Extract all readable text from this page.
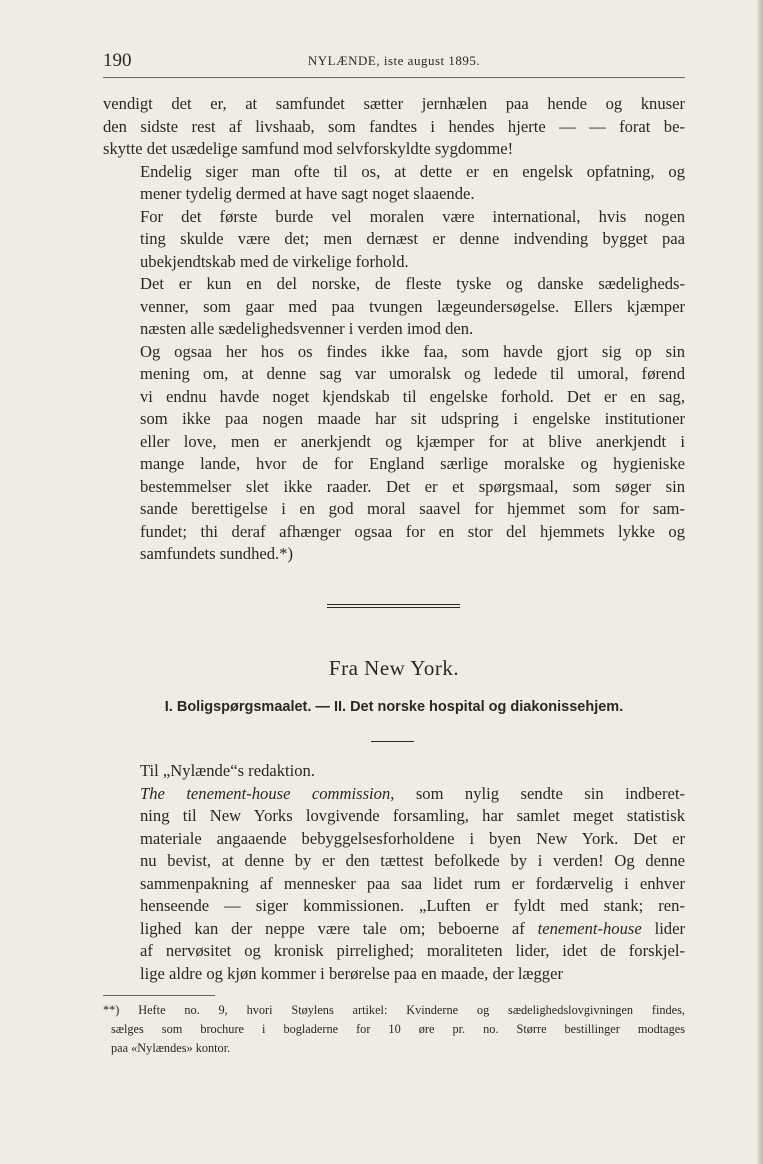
190	NYLÆNDE, iste august 1895.

vendigt det er, at samfundet sætter jernhælen paa hende og knuser
den sidste rest af livshaab, som fandtes i hendes hjerte — — forat be-
skytte det usædelige samfund mod selvforskyldte sygdomme!

Endelig siger man ofte til os, at dette er en engelsk opfatning, og
mener tydelig dermed at have sagt noget slaaende.

For det første burde vel moralen være international, hvis nogen
ting skulde være det; men dernæst er denne indvending bygget paa
ubekjendtskab med de virkelige forhold.

Det er kun en del norske, de fleste tyske og danske sædeligheds-
venner, som gaar med paa tvungen lægeundersøgelse. Ellers kjæmper
næsten alle sædelighedsvenner i verden imod den.

Og ogsaa her hos os findes ikke faa, som havde gjort sig op sin
mening om, at denne sag var umoralsk og ledede til umoral, førend
vi endnu havde noget kjendskab til engelske forhold. Det er en sag,
som ikke paa nogen maade har sit udspring i engelske institutioner
eller love, men er anerkjendt og kjæmper for at blive anerkjendt i
mange lande, hvor de for England særlige moralske og hygieniske
bestemmelser slet ikke raader. Det er et spørgsmaal, som søger sin
sande berettigelse i en god moral saavel for hjemmet som for sam-
fundet; thi deraf afhænger ogsaa for en stor del hjemmets lykke og
samfundets sundhed.*)

Fra New York.
I. Boligspørgsmaalet. — II. Det norske hospital og diakonissehjem.

Til „Nylænde“s redaktion.

The tenement-house commission, som nylig sendte sin indberet-
ning til New Yorks lovgivende forsamling, har samlet meget statistisk
materiale angaaende bebyggelsesforholdene i byen New York. Det er
nu bevist, at denne by er den tættest befolkede by i verden! Og denne
sammenpakning af mennesker paa saa lidet rum er fordærvelig i enhver
henseende — siger kommissionen. „Luften er fyldt med stank; ren-
lighed kan der neppe være tale om; beboerne af tenement-house lider
af nervøsitet og kronisk pirrelighed; moraliteten lider, idet de forskjel-
lige aldre og kjøn kommer i berørelse paa en maade, der lægger

**) Hefte no. 9, hvori Støylens artikel: Kvinderne og sædelighedslovgivningen findes,
sælges som brochure i bogladerne for 10 øre pr. no. Større bestillinger modtages
paa «Nylændes» kontor.
